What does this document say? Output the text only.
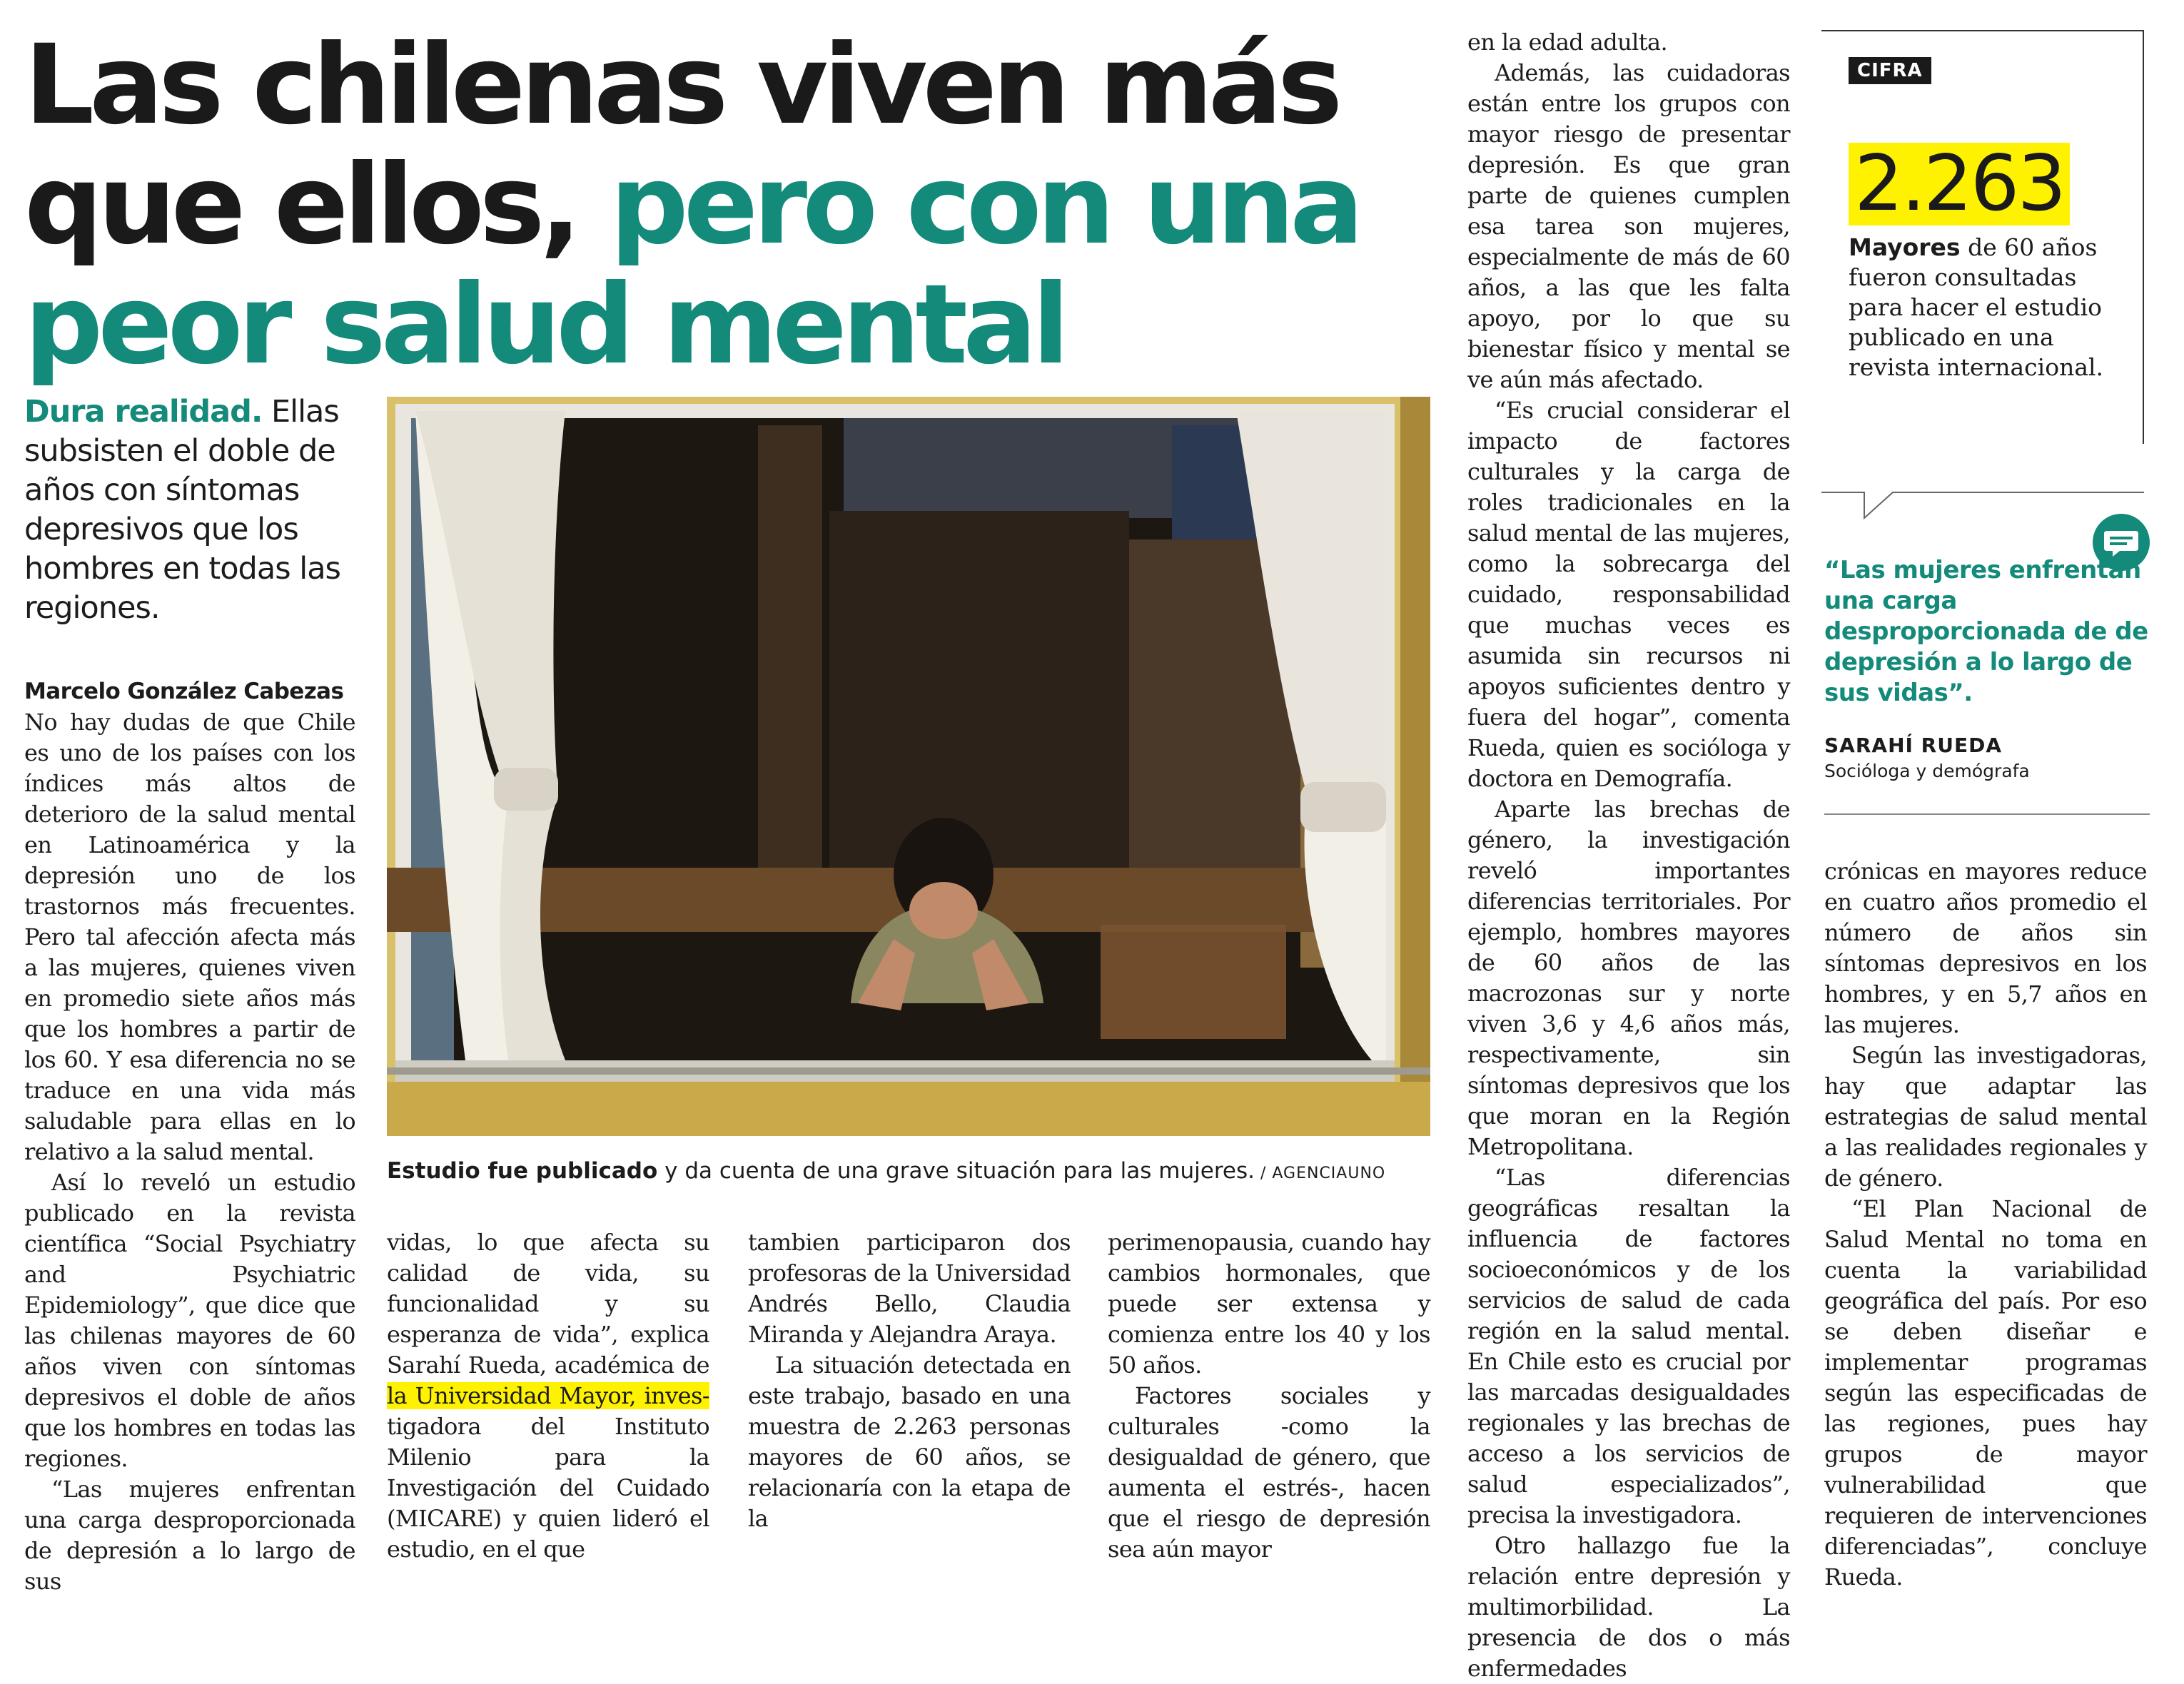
Las chilenas viven más
que ellos, pero con una
peor salud mental
Dura realidad. Ellas subsisten el doble de años con síntomas depresivos que los hombres en todas las regiones.

Marcelo González Cabezas

No hay dudas de que Chile es uno de los países con los índices más altos de deterioro de la salud mental en Latinoamérica y la depresión uno de los trastornos más frecuentes. Pero tal afección afecta más a las mujeres, quienes viven en promedio siete años más que los hombres a partir de los 60. Y esa diferencia no se traduce en una vida más saludable para ellas en lo relativo a la salud mental.

Así lo reveló un estudio publicado en la revista científica “Social Psychiatry and Psychiatric Epidemiology”, que dice que las chilenas mayores de 60 años viven con síntomas depresivos el doble de años que los hombres en todas las regiones.

“Las mujeres enfrentan una carga desproporcionada de depresión a lo largo de sus

Estudio fue publicado y da cuenta de una grave situación para las mujeres. / AGENCIAUNO

vidas, lo que afecta su calidad de vida, su funcionalidad y su esperanza de vida”, explica Sarahí Rueda, académica de la Universidad Mayor, inves-tigadora del Instituto Milenio para la Investigación del Cuidado (MICARE) y quien lideró el estudio, en el que

tambien participaron dos profesoras de la Universidad Andrés Bello, Claudia Miranda y Alejandra Araya.

La situación detectada en este trabajo, basado en una muestra de 2.263 personas mayores de 60 años, se relacionaría con la etapa de la

perimenopausia, cuando hay cambios hormonales, que puede ser extensa y comienza entre los 40 y los 50 años.

Factores sociales y culturales -como la desigualdad de género, que aumenta el estrés-, hacen que el riesgo de depresión sea aún mayor

en la edad adulta.

Además, las cuidadoras están entre los grupos con mayor riesgo de presentar depresión. Es que gran parte de quienes cumplen esa tarea son mujeres, especialmente de más de 60 años, a las que les falta apoyo, por lo que su bienestar físico y mental se ve aún más afectado.

“Es crucial considerar el impacto de factores culturales y la carga de roles tradicionales en la salud mental de las mujeres, como la sobrecarga del cuidado, responsabilidad que muchas veces es asumida sin recursos ni apoyos suficientes dentro y fuera del hogar”, comenta Rueda, quien es socióloga y doctora en Demografía.

Aparte las brechas de género, la investigación reveló importantes diferencias territoriales. Por ejemplo, hombres mayores de 60 años de las macrozonas sur y norte viven 3,6 y 4,6 años más, respectivamente, sin síntomas depresivos que los que moran en la Región Metropolitana.

“Las diferencias geográficas resaltan la influencia de factores socioeconómicos y de los servicios de salud de cada región en la salud mental. En Chile esto es crucial por las marcadas desigualdades regionales y las brechas de acceso a los servicios de salud especializados”, precisa la investigadora.

Otro hallazgo fue la relación entre depresión y multimorbilidad. La presencia de dos o más enfermedades

CIFRA
2.263
Mayores de 60 años fueron consultadas para hacer el estudio publicado en una revista internacional.
“Las mujeres enfrentan una carga desproporcionada de de depresión a lo largo de sus vidas”.
SARAHÍ RUEDA
Socióloga y demógrafa

crónicas en mayores reduce en cuatro años promedio el número de años sin síntomas depresivos en los hombres, y en 5,7 años en las mujeres.

Según las investigadoras, hay que adaptar las estrategias de salud mental a las realidades regionales y de género.

“El Plan Nacional de Salud Mental no toma en cuenta la variabilidad geográfica del país. Por eso se deben diseñar e implementar programas según las especificadas de las regiones, pues hay grupos de mayor vulnerabilidad que requieren de intervenciones diferenciadas”, concluye Rueda.
